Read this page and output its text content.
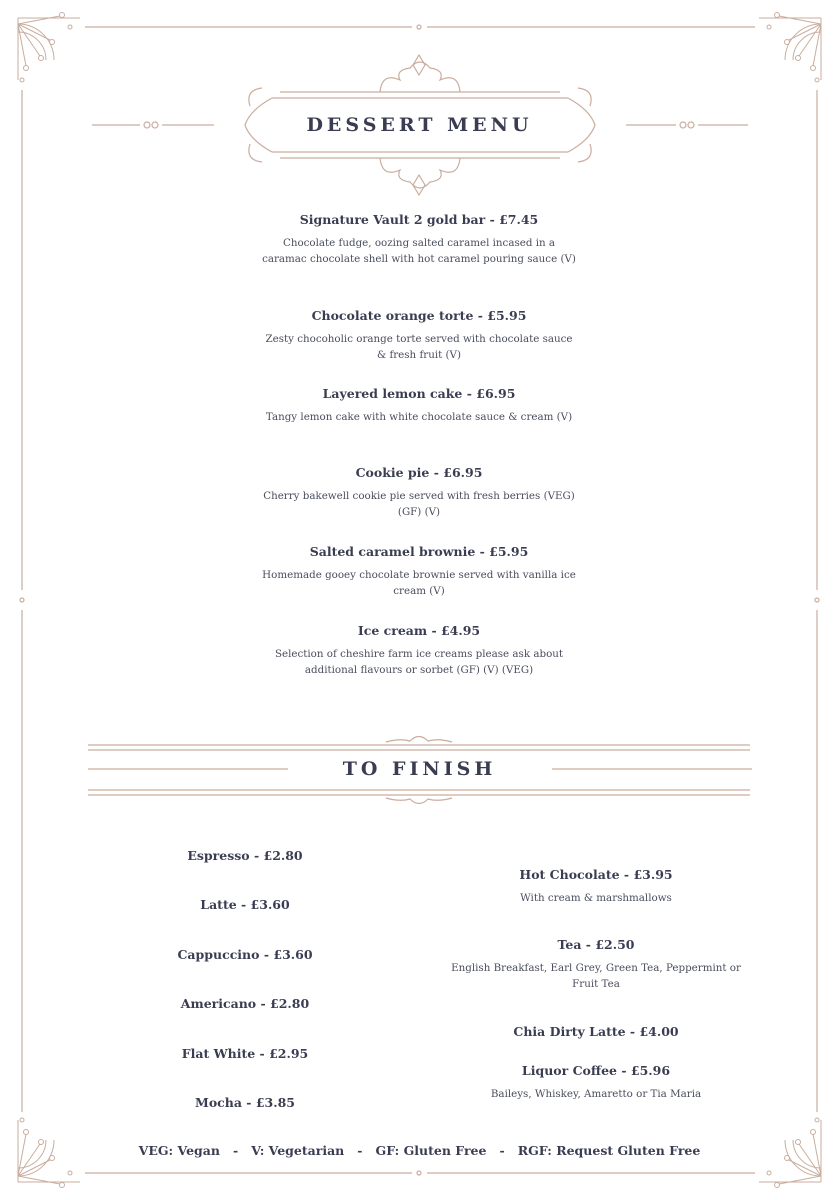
DESSERT MENU

Signature Vault 2 gold bar - £7.45

Chocolate fudge, oozing salted caramel incased in a caramac chocolate shell with hot caramel pouring sauce (V)

Chocolate orange torte - £5.95

Zesty chocoholic orange torte served with chocolate sauce & fresh fruit (V)

Layered lemon cake - £6.95

Tangy lemon cake with white chocolate sauce & cream (V)

Cookie pie - £6.95

Cherry bakewell cookie pie served with fresh berries (VEG) (GF) (V)

Salted caramel brownie - £5.95

Homemade gooey chocolate brownie served with vanilla ice cream (V)

Ice cream - £4.95

Selection of cheshire farm ice creams please ask about additional flavours or sorbet (GF) (V) (VEG)

TO FINISH
Espresso - £2.80
Latte - £3.60
Cappuccino - £3.60
Americano - £2.80
Flat White - £2.95
Mocha - £3.85

Hot Chocolate - £3.95

With cream & marshmallows

Tea - £2.50

English Breakfast, Earl Grey, Green Tea, Peppermint or Fruit Tea

Chia Dirty Latte - £4.00

Liquor Coffee - £5.96

Baileys, Whiskey, Amaretto or Tia Maria

VEG: Vegan   -   V: Vegetarian   -   GF: Gluten Free   -   RGF: Request Gluten Free
